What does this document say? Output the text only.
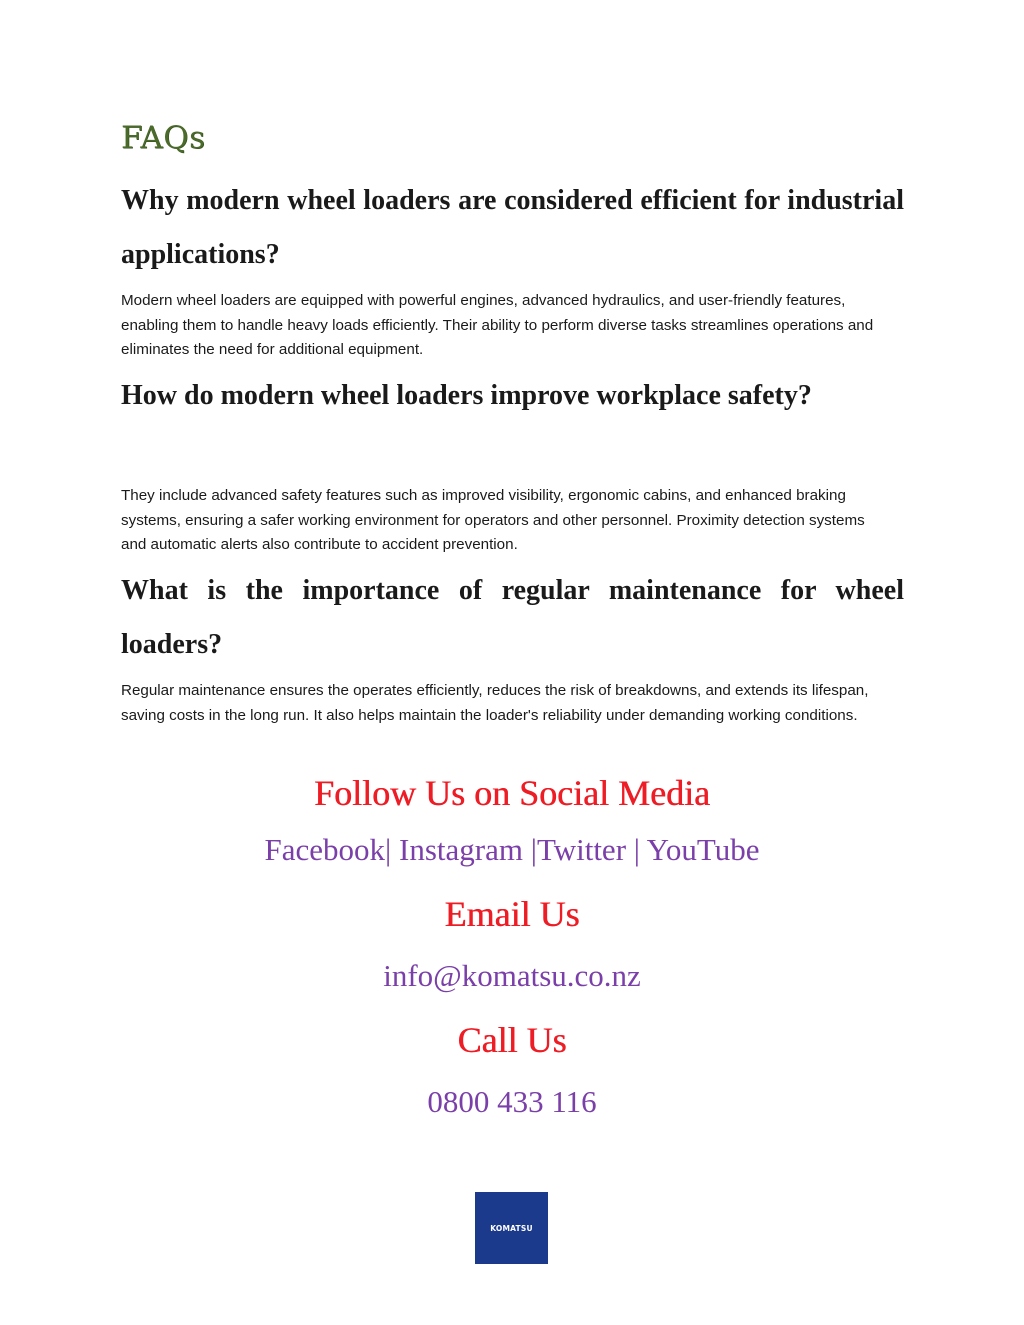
FAQs
Why modern wheel loaders are considered efficient for industrial applications?

Modern wheel loaders are equipped with powerful engines, advanced hydraulics, and user-friendly features, enabling them to handle heavy loads efficiently. Their ability to perform diverse tasks streamlines operations and eliminates the need for additional equipment.

How do modern wheel loaders improve workplace safety?

They include advanced safety features such as improved visibility, ergonomic cabins, and enhanced braking systems, ensuring a safer working environment for operators and other personnel. Proximity detection systems and automatic alerts also contribute to accident prevention.

What is the importance of regular maintenance for wheel loaders?

Regular maintenance ensures the operates efficiently, reduces the risk of breakdowns, and extends its lifespan, saving costs in the long run. It also helps maintain the loader's reliability under demanding working conditions.

Follow Us on Social Media
Facebook| Instagram |Twitter | YouTube
Email Us
info@komatsu.co.nz
Call Us
0800 433 116
KOMATSU
